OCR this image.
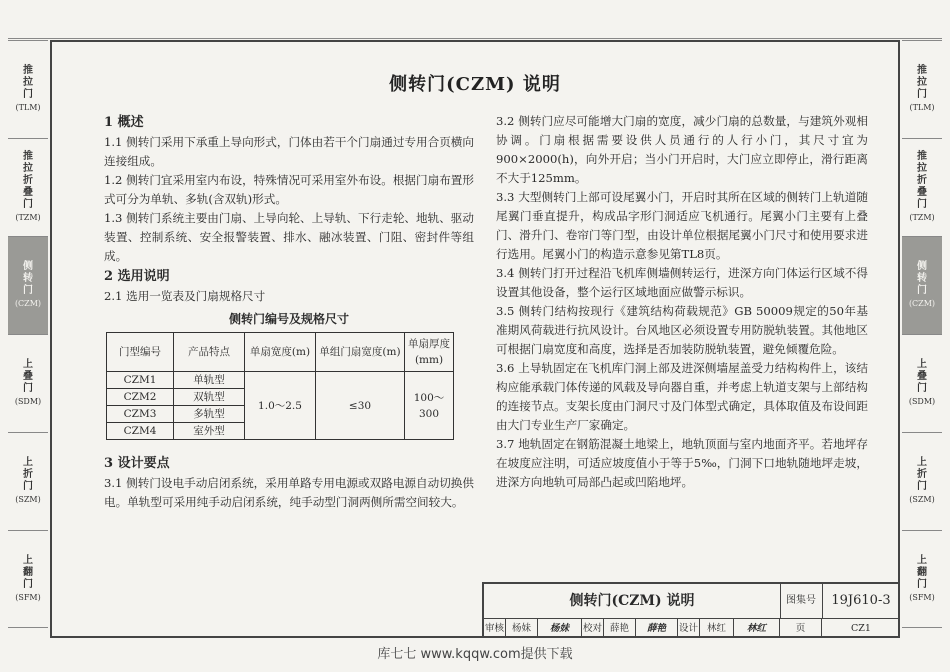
推
拉
门
(TLM)
推
拉
折
叠
门
(TZM)
侧
转
门
(CZM)
上
叠
门
(SDM)
上
折
门
(SZM)
上
翻
门
(SFM)
推
拉
门
(TLM)
推
拉
折
叠
门
(TZM)
侧
转
门
(CZM)
上
叠
门
(SDM)
上
折
门
(SZM)
上
翻
门
(SFM)
侧转门(CZM) 说明
1 概述
1.1 侧转门采用下承重上导向形式，门体由若干个门扇通过专用合页横向连接组成。
1.2 侧转门宜采用室内布设，特殊情况可采用室外布设。根据门扇布置形式可分为单轨、多轨(含双轨)形式。
1.3 侧转门系统主要由门扇、上导向轮、上导轨、下行走轮、地轨、驱动装置、控制系统、安全报警装置、排水、融冰装置、门阻、密封件等组成。
2 选用说明
2.1 选用一览表及门扇规格尺寸
侧转门编号及规格尺寸
门型编号	产品特点	单扇宽度(m)	单组门扇宽度(m)	单扇厚度(mm)
CZM1	单轨型	1.0～2.5	≤30	100～300
CZM2	双轨型			
CZM3	多轨型			
CZM4	室外型			
3 设计要点
3.1 侧转门设电手动启闭系统，采用单路专用电源或双路电源自动切换供电。单轨型可采用纯手动启闭系统，纯手动型门洞两侧所需空间较大。
3.2 侧转门应尽可能增大门扇的宽度，减少门扇的总数量，与建筑外观相协调。门扇根据需要设供人员通行的人行小门，其尺寸宜为900×2000(h)，向外开启；当小门开启时，大门应立即停止，滑行距离不大于125mm。
3.3 大型侧转门上部可设尾翼小门，开启时其所在区域的侧转门上轨道随尾翼门垂直提升，构成品字形门洞适应飞机通行。尾翼小门主要有上叠门、滑升门、卷帘门等门型，由设计单位根据尾翼小门尺寸和使用要求进行选用。尾翼小门的构造示意参见第TL8页。
3.4 侧转门打开过程沿飞机库侧墙侧转运行，进深方向门体运行区域不得设置其他设备，整个运行区域地面应做警示标识。
3.5 侧转门结构按现行《建筑结构荷载规范》GB 50009规定的50年基准期风荷载进行抗风设计。台风地区必须设置专用防脱轨装置。其他地区可根据门扇宽度和高度，选择是否加装防脱轨装置，避免倾覆危险。
3.6 上导轨固定在飞机库门洞上部及进深侧墙屋盖受力结构构件上，该结构应能承载门体传递的风载及导向器自重，并考虑上轨道支架与上部结构的连接节点。支架长度由门洞尺寸及门体型式确定，具体取值及布设间距由大门专业生产厂家确定。
3.7 地轨固定在钢筋混凝土地梁上，地轨顶面与室内地面齐平。若地坪存在坡度应注明，可适应坡度值小于等于5‰，门洞下口地轨随地坪走坡，进深方向地轨可局部凸起或凹陷地坪。
侧转门(CZM) 说明	图集号	19J610-3
审核 杨妹	杨妹	校对 薛艳	薛艳	设计 林红	林红	页	CZ1
库七七 www.kqqw.com提供下载
